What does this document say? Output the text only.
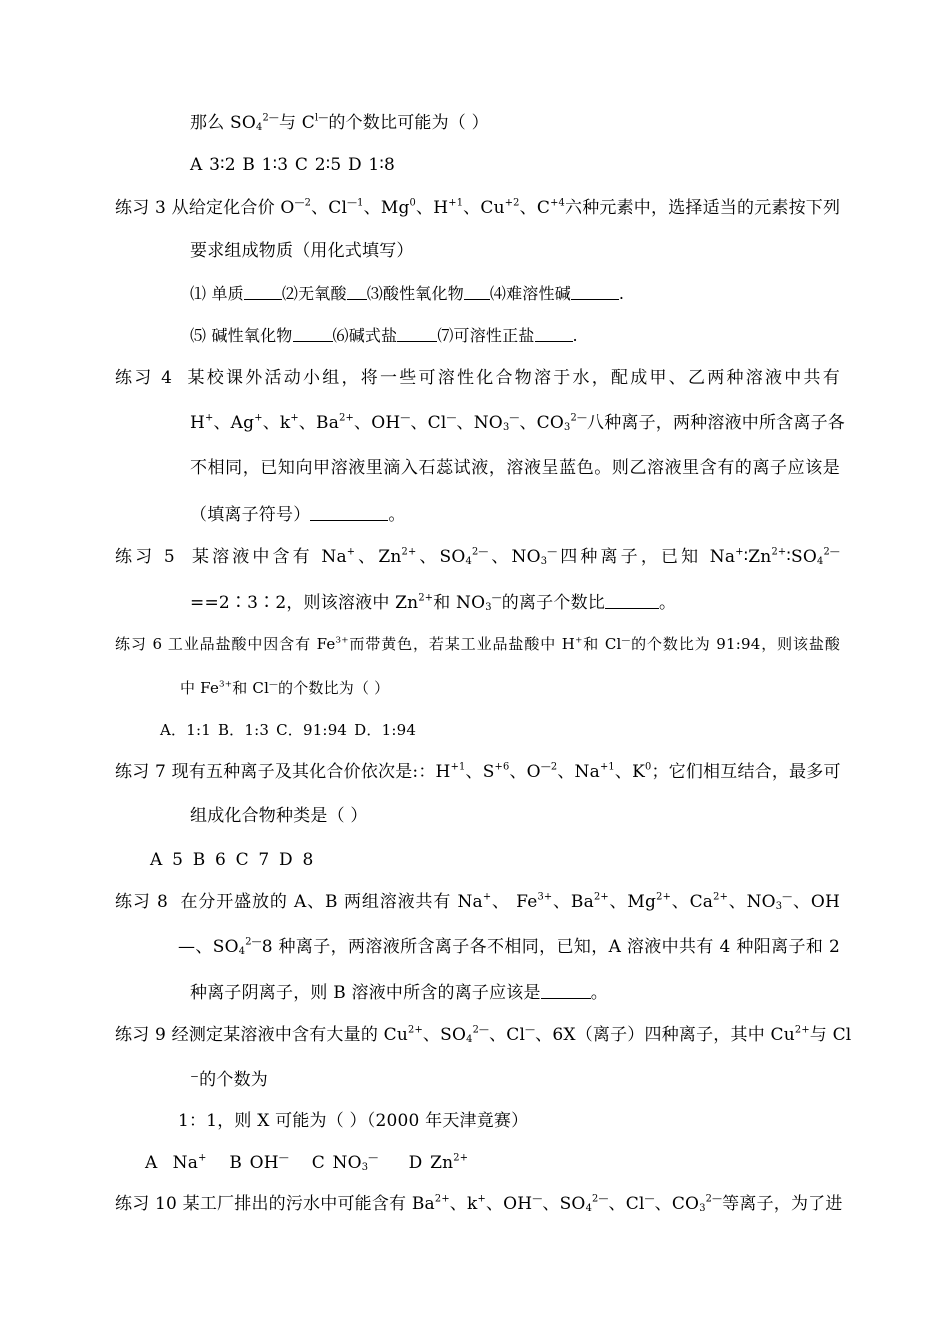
那么 $SO_4^{2—}$与 $C^{l—}$的个数比可能为（ ）
A 3∶2 B 1∶3 C 2∶5 D 1∶8
练习 3 从给定化合价 $O^{—2}$、$Cl^{—1}$、Mg$^0$、$H^{+1}$、$Cu^{+2}$、$C^{+4}$六种元素中，选择适当的元素按下列
要求组成物质（用化式填写）
⑴ 单质 ⑵无氧酸 ⑶酸性氧化物 ⑷难溶性碱	.
⑸ 碱性氧化物	⑹碱式盐	⑺可溶性正盐 .
练习 4  某校课外活动小组，将一些可溶性化合物溶于水，配成甲、乙两种溶液中共有
H+、Ag+、k+、$Ba^{2+}$、OH—、Cl—、$NO_3^—$、$CO_3^{2—}$八种离子，两种溶液中所含离子各
不相同，已知向甲溶液里滴入石蕊试液，溶液呈蓝色。则乙溶液里含有的离子应该是
（填离子符号）	。
练习 5  某溶液中含有 Na+、$Zn^{2+}$、$SO_4^{2—}$、$NO_3^—$四种离子，已知 $Na^+∶Zn^{2+}∶SO_4^{2—}$
==2∶3∶2，则该溶液中 $Zn^{2+}$和 $NO_3^—$的离子个数比	。
练习 6 工业品盐酸中因含有 $Fe^{3+}$而带黄色，若某工业品盐酸中 H+和 Cl—的个数比为 91:94，则该盐酸
中 $Fe^{3+}$和 Cl—的个数比为（ ）
A．1:1 B．1:3 C．91:94 D．1:94
练习 7 现有五种离子及其化合价依次是:：$H^{+1}$、$S^{+6}$、$O^{—2}$、$Na^{+1}$、$K^0$；它们相互结合，最多可
组成化合物种类是（ ）
A 5 B 6 C 7 D 8
练习 8  在分开盛放的 A、B 两组溶液共有 Na+、 $Fe^{3+}$、$Ba^{2+}$、$Mg^{2+}$、$Ca^{2+}$、$NO_3^—$、OH
—、$SO_4^{2—}8$ 种离子，两溶液所含离子各不相同，已知，A 溶液中共有 4 种阳离子和 2
种离子阴离子，则 B 溶液中所含的离子应该是	。
练习 9 经测定某溶液中含有大量的 $Cu^{2+}$、$SO_4^{2—}$、Cl—、6X（离子）四种离子，其中 $Cu^{2+}$与 Cl
⁻的个数为
1：1，则 X 可能为（ ）（2000 年天津竟赛）
A  Na+   B OH—   C $NO_3^—$    D $Zn^{2+}$
练习 10 某工厂排出的污水中可能含有 $Ba^{2+}$、k+、OH—、$SO_4^{2—}$、Cl—、$CO_3^{2—}$等离子，为了进
